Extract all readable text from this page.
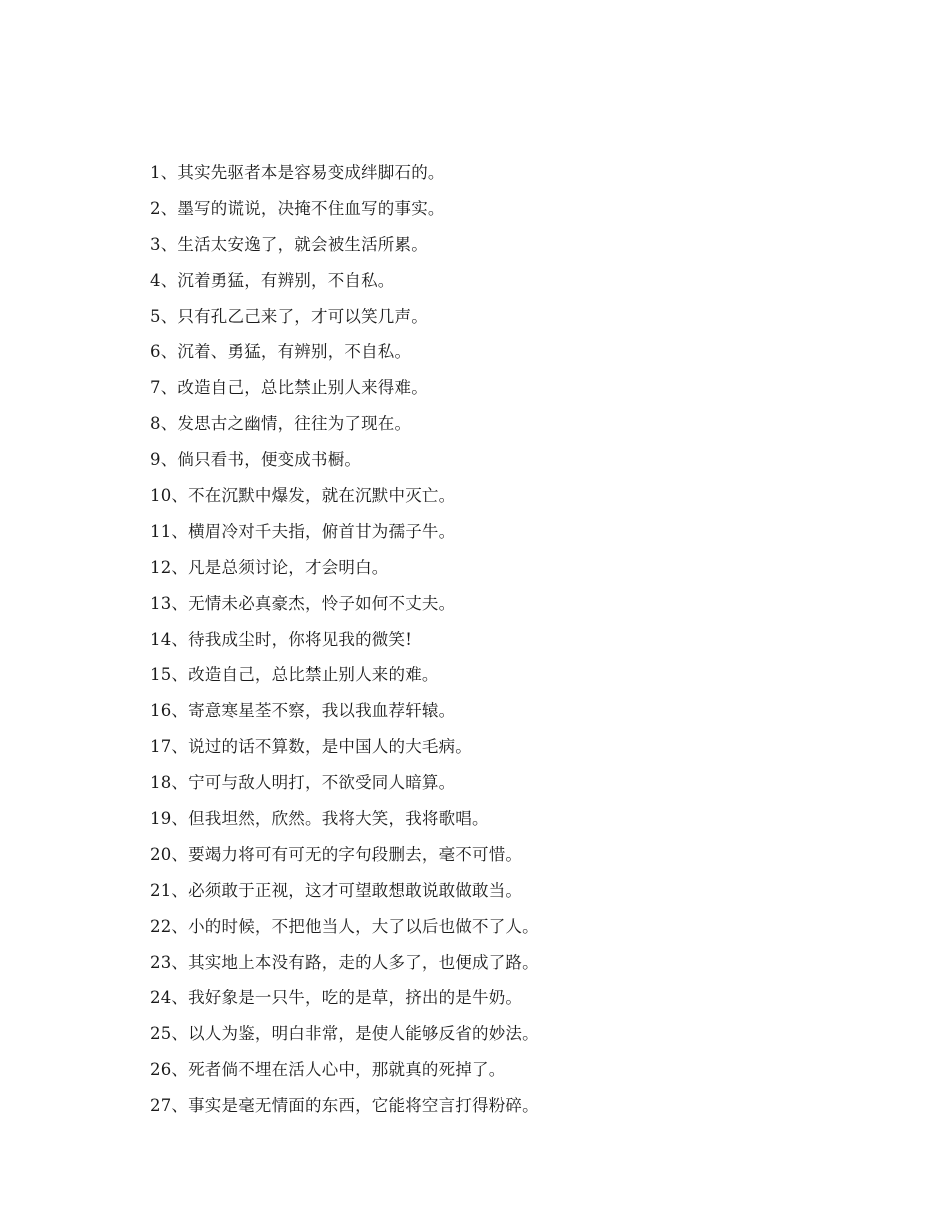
1、其实先驱者本是容易变成绊脚石的。
2、墨写的谎说，决掩不住血写的事实。
3、生活太安逸了，就会被生活所累。
4、沉着勇猛，有辨别，不自私。
5、只有孔乙己来了，才可以笑几声。
6、沉着、勇猛，有辨别，不自私。
7、改造自己，总比禁止别人来得难。
8、发思古之幽情，往往为了现在。
9、倘只看书，便变成书橱。
10、不在沉默中爆发，就在沉默中灭亡。
11、横眉冷对千夫指，俯首甘为孺子牛。
12、凡是总须讨论，才会明白。
13、无情未必真豪杰，怜子如何不丈夫。
14、待我成尘时，你将见我的微笑!
15、改造自己，总比禁止别人来的难。
16、寄意寒星荃不察，我以我血荐轩辕。
17、说过的话不算数，是中国人的大毛病。
18、宁可与敌人明打，不欲受同人暗算。
19、但我坦然，欣然。我将大笑，我将歌唱。
20、要竭力将可有可无的字句段删去，毫不可惜。
21、必须敢于正视，这才可望敢想敢说敢做敢当。
22、小的时候，不把他当人，大了以后也做不了人。
23、其实地上本没有路，走的人多了，也便成了路。
24、我好象是一只牛，吃的是草，挤出的是牛奶。
25、以人为鉴，明白非常，是使人能够反省的妙法。
26、死者倘不埋在活人心中，那就真的死掉了。
27、事实是毫无情面的东西，它能将空言打得粉碎。
